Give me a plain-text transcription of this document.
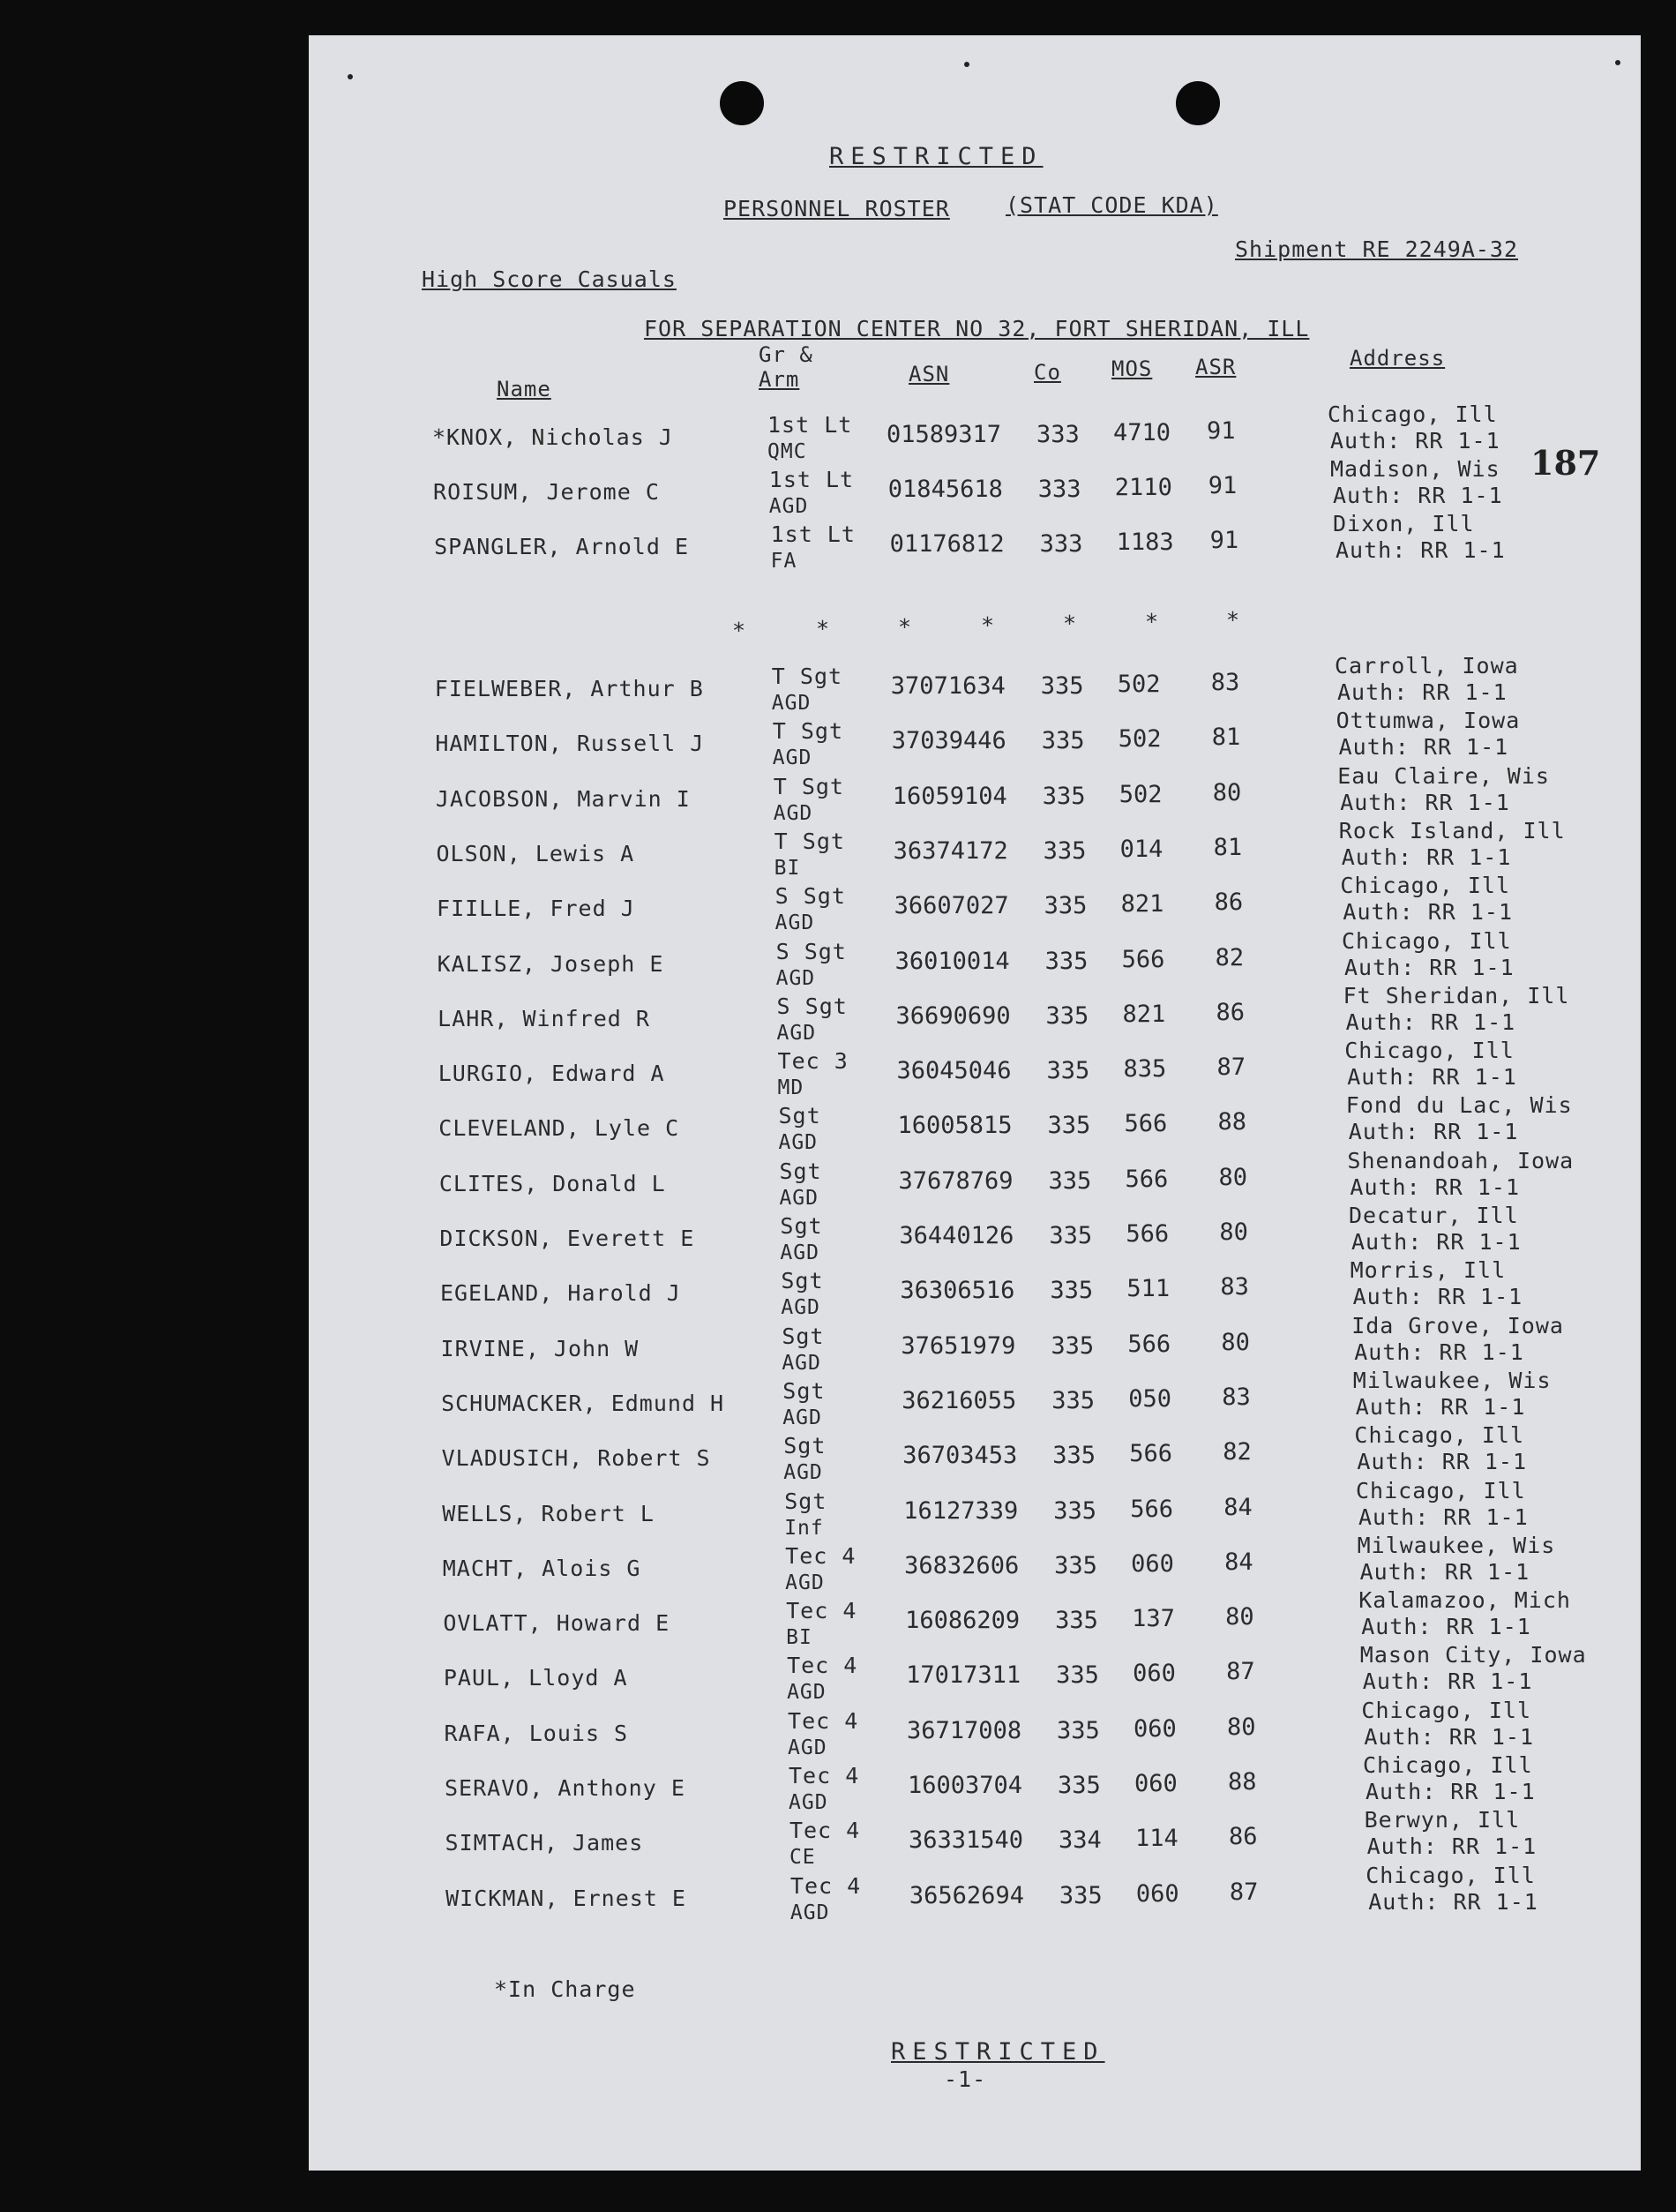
RESTRICTED
PERSONNEL ROSTER	(STAT CODE KDA)
High Score Casuals
Shipment RE 2249A-32
FOR SEPARATION CENTER NO 32, FORT SHERIDAN, ILL
187
Name
Gr &
Arm	ASN	Co MOS ASR	Address
*KNOX, Nicholas J	1st Lt
QMC
01589317 333 4710 91
Chicago, Ill
Auth: RR 1-1
ROISUM, Jerome C	1st Lt
AGD
01845618 333 2110 91
Madison, Wis
Auth: RR 1-1
SPANGLER, Arnold E	1st Lt
FA
01176812 333 1183 91
Dixon, Ill
Auth: RR 1-1
FIELWEBER, Arthur B	T Sgt
AGD
37071634 335 502 83
Carroll, Iowa
Auth: RR 1-1
HAMILTON, Russell J	T Sgt
AGD
37039446 335 502 81
Ottumwa, Iowa
Auth: RR 1-1
JACOBSON, Marvin I	T Sgt
AGD
16059104 335 502 80
Eau Claire, Wis
Auth: RR 1-1
OLSON, Lewis A	T Sgt
BI
36374172 335 014 81
Rock Island, Ill
Auth: RR 1-1
FIILLE, Fred J	S Sgt
AGD
36607027 335 821 86
Chicago, Ill
Auth: RR 1-1
KALISZ, Joseph E	S Sgt
AGD
36010014 335 566 82
Chicago, Ill
Auth: RR 1-1
LAHR, Winfred R	S Sgt
AGD
36690690 335 821 86
Ft Sheridan, Ill
Auth: RR 1-1
LURGIO, Edward A	Tec 3
MD
36045046 335 835 87
Chicago, Ill
Auth: RR 1-1
CLEVELAND, Lyle C	Sgt
AGD
16005815 335 566 88
Fond du Lac, Wis
Auth: RR 1-1
CLITES, Donald L	Sgt
AGD
37678769 335 566 80
Shenandoah, Iowa
Auth: RR 1-1
DICKSON, Everett E	Sgt
AGD
36440126 335 566 80
Decatur, Ill
Auth: RR 1-1
EGELAND, Harold J	Sgt
AGD
36306516 335 511 83
Morris, Ill
Auth: RR 1-1
IRVINE, John W	Sgt
AGD
37651979 335 566 80
Ida Grove, Iowa
Auth: RR 1-1
SCHUMACKER, Edmund H	Sgt
AGD
36216055 335 050 83
Milwaukee, Wis
Auth: RR 1-1
VLADUSICH, Robert S	Sgt
AGD
36703453 335 566 82
Chicago, Ill
Auth: RR 1-1
WELLS, Robert L	Sgt
Inf
16127339 335 566 84
Chicago, Ill
Auth: RR 1-1
MACHT, Alois G	Tec 4
AGD
36832606 335 060 84
Milwaukee, Wis
Auth: RR 1-1
OVLATT, Howard E	Tec 4
BI
16086209 335 137 80
Kalamazoo, Mich
Auth: RR 1-1
PAUL, Lloyd A	Tec 4
AGD
17017311 335 060 87
Mason City, Iowa
Auth: RR 1-1
RAFA, Louis S	Tec 4
AGD
36717008 335 060 80
Chicago, Ill
Auth: RR 1-1
SERAVO, Anthony E	Tec 4
AGD
16003704 335 060 88
Chicago, Ill
Auth: RR 1-1
SIMTACH, James	Tec 4
CE
36331540 334 114 86
Berwyn, Ill
Auth: RR 1-1
WICKMAN, Ernest E	Tec 4
AGD
36562694 335 060 87
Chicago, Ill
Auth: RR 1-1
*	*	*	*	*	*	*
*In Charge
RESTRICTED
-1-
